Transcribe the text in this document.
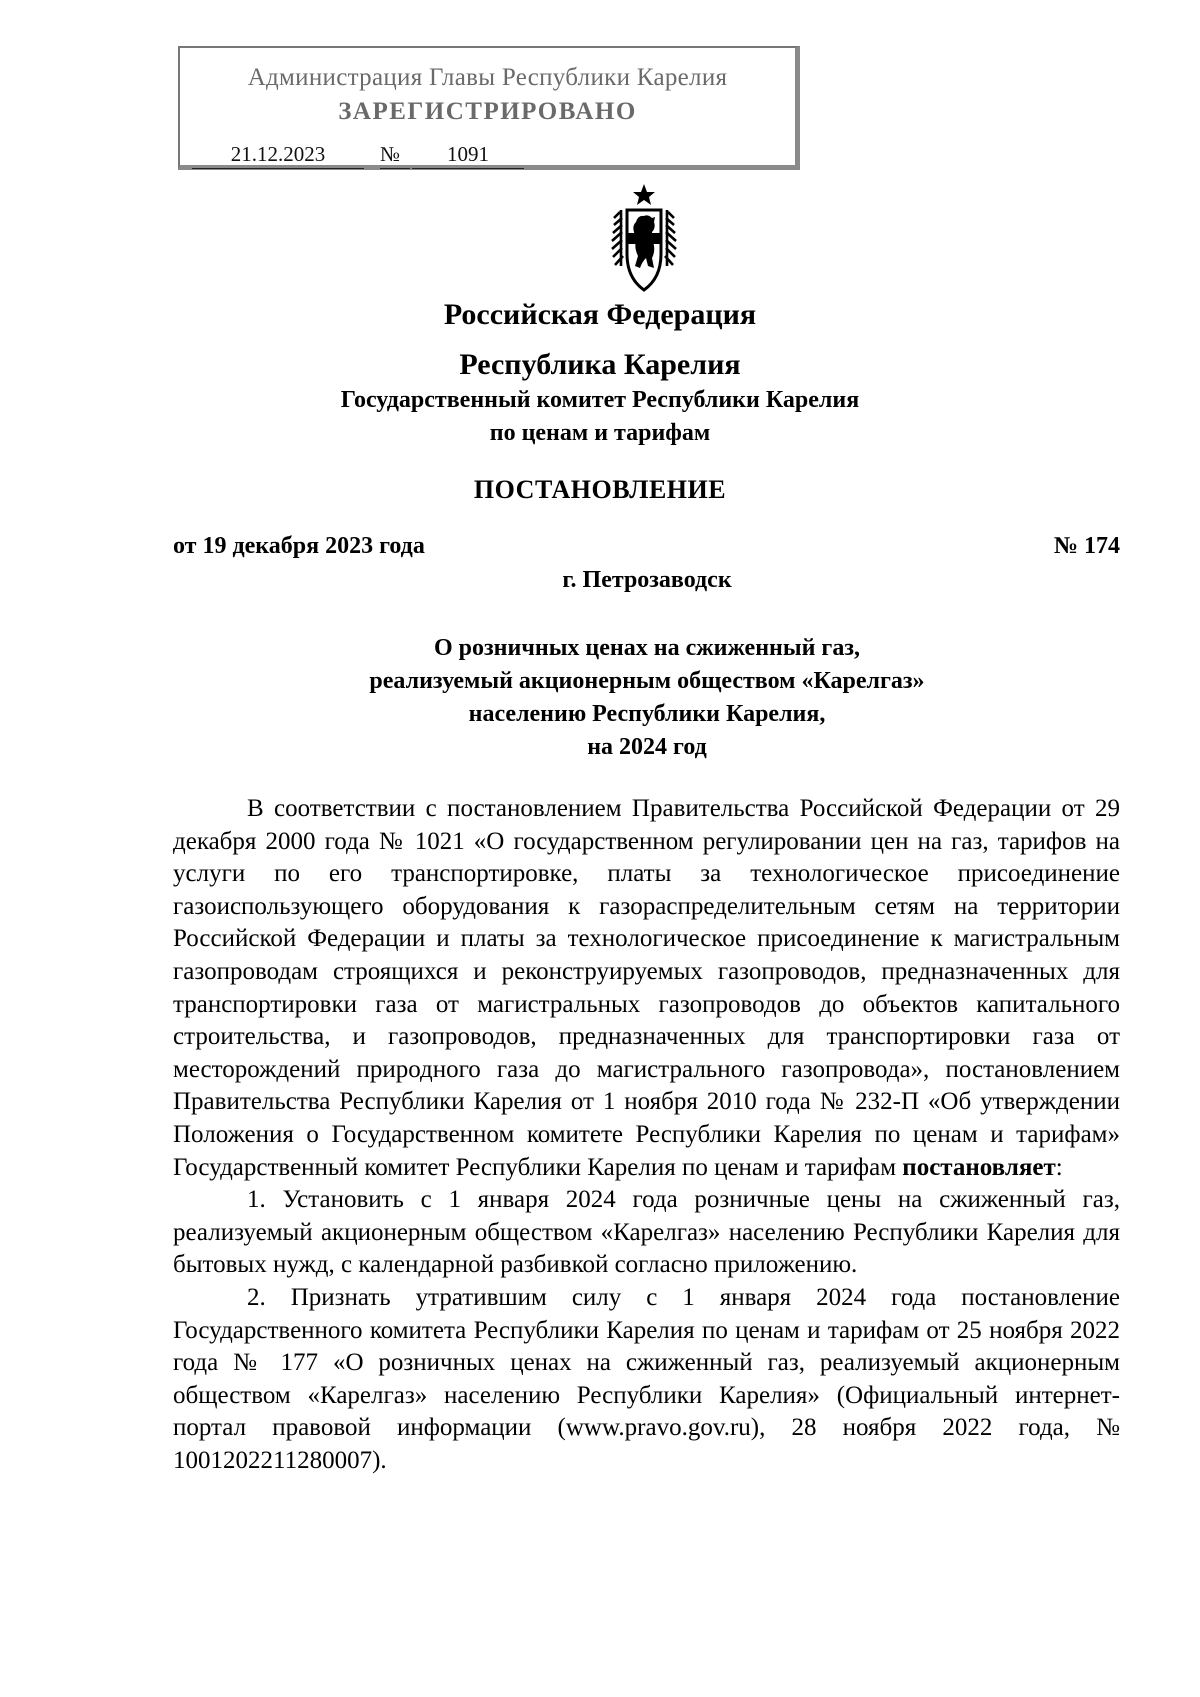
Администрация Главы Республики Карелия
ЗАРЕГИСТРИРОВАНО
21.12.2023	№	1091
Российская Федерация
Республика Карелия
Государственный комитет Республики Карелия
по ценам и тарифам
ПОСТАНОВЛЕНИЕ
от 19 декабря 2023 года	№ 174
г. Петрозаводск
О розничных ценах на сжиженный газ,
реализуемый акционерным обществом «Карелгаз»
населению Республики Карелия,
на 2024 год

В соответствии с постановлением Правительства Российской Федерации от 29 декабря 2000 года № 1021 «О государственном регулировании цен на газ, тарифов на услуги по его транспортировке, платы за технологическое присоединение газоиспользующего оборудования к газораспределительным сетям на территории Российской Федерации и платы за технологическое присоединение к магистральным газопроводам строящихся и реконструируемых газопроводов, предназначенных для транспортировки газа от магистральных газопроводов до объектов капитального строительства, и газопроводов, предназначенных для транспортировки газа от месторождений природного газа до магистрального газопровода», постановлением Правительства Республики Карелия от 1 ноября 2010 года № 232-П «Об утверждении Положения о Государственном комитете Республики Карелия по ценам и тарифам» Государственный комитет Республики Карелия по ценам и тарифам постановляет:

1. Установить с 1 января 2024 года розничные цены на сжиженный газ, реализуемый акционерным обществом «Карелгаз» населению Республики Карелия для бытовых нужд, с календарной разбивкой согласно приложению.

2. Признать утратившим силу с 1 января 2024 года постановление Государственного комитета Республики Карелия по ценам и тарифам от 25 ноября 2022 года № 177 «О розничных ценах на сжиженный газ, реализуемый акционерным обществом «Карелгаз» населению Республики Карелия» (Официальный интернет-портал правовой информации (www.pravo.gov.ru), 28 ноября 2022 года, № 1001202211280007).
